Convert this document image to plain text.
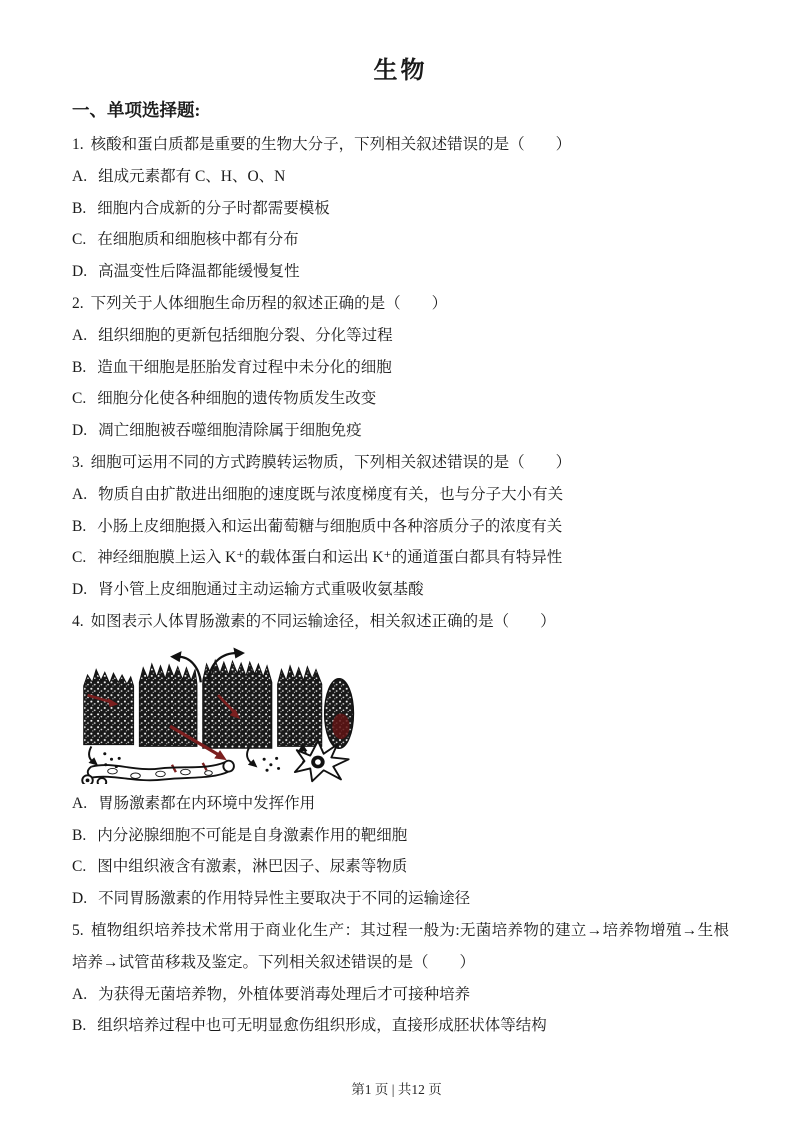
生物
一、单项选择题:

1. 核酸和蛋白质都是重要的生物大分子，下列相关叙述错误的是（　　）

A. 组成元素都有 C、H、O、N

B. 细胞内合成新的分子时都需要模板

C. 在细胞质和细胞核中都有分布

D. 高温变性后降温都能缓慢复性

2. 下列关于人体细胞生命历程的叙述正确的是（　　）

A. 组织细胞的更新包括细胞分裂、分化等过程

B. 造血干细胞是胚胎发育过程中未分化的细胞

C. 细胞分化使各种细胞的遗传物质发生改变

D. 凋亡细胞被吞噬细胞清除属于细胞免疫

3. 细胞可运用不同的方式跨膜转运物质，下列相关叙述错误的是（　　）

A. 物质自由扩散进出细胞的速度既与浓度梯度有关，也与分子大小有关

B. 小肠上皮细胞摄入和运出葡萄糖与细胞质中各种溶质分子的浓度有关

C. 神经细胞膜上运入 K⁺的载体蛋白和运出 K⁺的通道蛋白都具有特异性

D. 肾小管上皮细胞通过主动运输方式重吸收氨基酸

4. 如图表示人体胃肠激素的不同运输途径，相关叙述正确的是（　　）

A. 胃肠激素都在内环境中发挥作用

B. 内分泌腺细胞不可能是自身激素作用的靶细胞

C. 图中组织液含有激素，淋巴因子、尿素等物质

D. 不同胃肠激素的作用特异性主要取决于不同的运输途径

5. 植物组织培养技术常用于商业化生产：其过程一般为:无菌培养物的建立→培养物增殖→生根培养→试管苗移栽及鉴定。下列相关叙述错误的是（　　）

A. 为获得无菌培养物，外植体要消毒处理后才可接种培养

B. 组织培养过程中也可无明显愈伤组织形成，直接形成胚状体等结构

第1 页 | 共12 页
